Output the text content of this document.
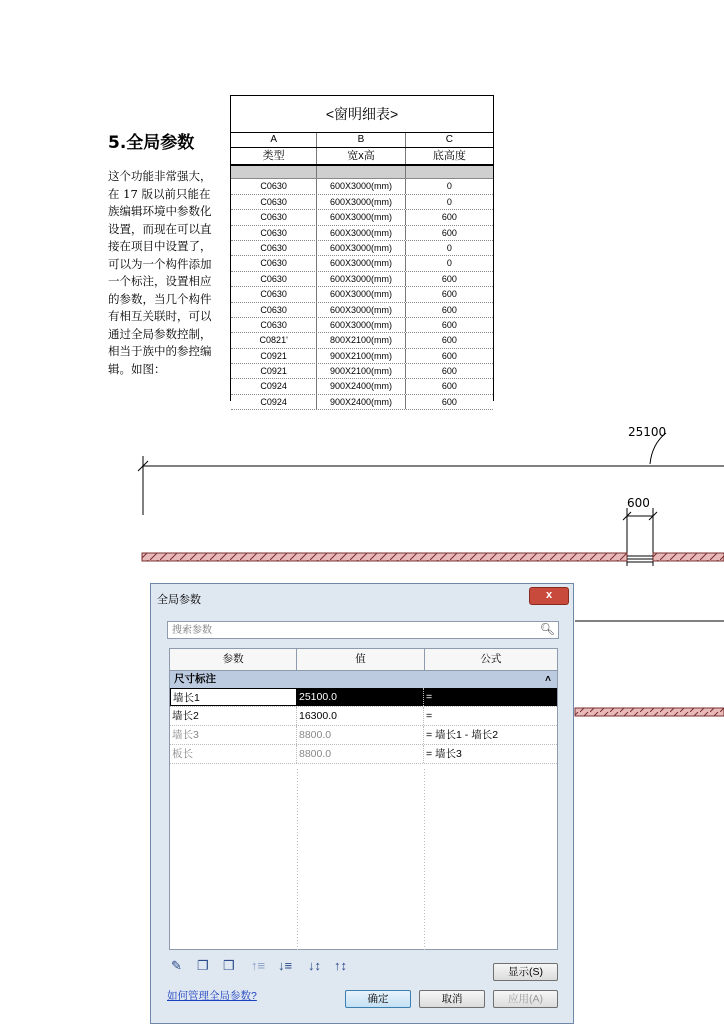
5.全局参数
这个功能非常强大，
在 17 版以前只能在
族编辑环境中参数化
设置，而现在可以直
接在项目中设置了，
可以为一个构件添加
一个标注，设置相应
的参数，当几个构件
有相互关联时，可以
通过全局参数控制，
相当于族中的参控编
辑。如图：
<窗明细表>
A	B	C
类型	宽x高	底高度
C0630	600X3000(mm)	0
C0630	600X3000(mm)	0
C0630	600X3000(mm)	600
C0630	600X3000(mm)	600
C0630	600X3000(mm)	0
C0630	600X3000(mm)	0
C0630	600X3000(mm)	600
C0630	600X3000(mm)	600
C0630	600X3000(mm)	600
C0630	600X3000(mm)	600
C0821'	800X2100(mm)	600
C0921	900X2100(mm)	600
C0921	900X2100(mm)	600
C0924	900X2400(mm)	600
C0924	900X2400(mm)	600
25100
600
全局参数	x
搜索参数
🔍︎
参数	值	公式
尺寸标注	˄
墙长1	25100.0	=
墙长2	16300.0	=
墙长3	8800.0	= 墙长1 - 墙长2
板长	8800.0	= 墙长3
✎ ❐ ❒ ↑≡ ↓≡ ↓↕ ↑↕	显示(S)
如何管理全局参数?	确定	取消	应用(A)
